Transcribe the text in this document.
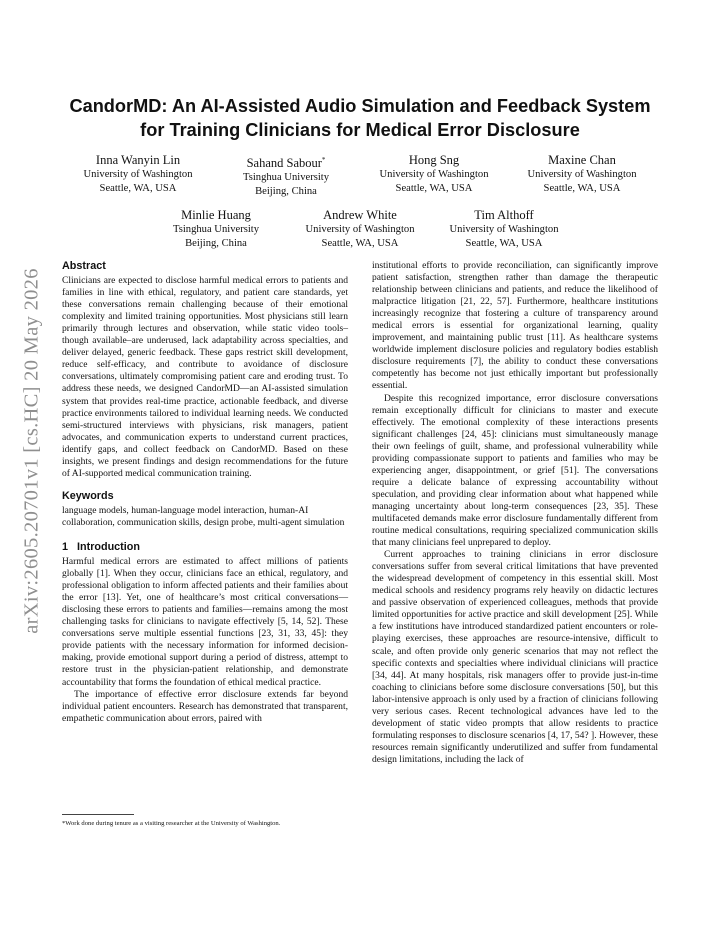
arXiv:2605.20701v1 [cs.HC] 20 May 2026
CandorMD: An AI-Assisted Audio Simulation and Feedback System for Training Clinicians for Medical Error Disclosure
Inna Wanyin Lin
University of Washington
Seattle, WA, USA
Sahand Sabour*
Tsinghua University
Beijing, China
Hong Sng
University of Washington
Seattle, WA, USA
Maxine Chan
University of Washington
Seattle, WA, USA
Minlie Huang
Tsinghua University
Beijing, China
Andrew White
University of Washington
Seattle, WA, USA
Tim Althoff
University of Washington
Seattle, WA, USA
Abstract

Clinicians are expected to disclose harmful medical errors to patients and families in line with ethical, regulatory, and patient care standards, yet these conversations remain challenging because of their emotional complexity and limited training opportunities. Most physicians still learn primarily through lectures and observation, while static video tools–though available–are underused, lack adaptability across specialties, and deliver delayed, generic feedback. These gaps restrict skill development, reduce self-efficacy, and contribute to avoidance of disclosure conversations, ultimately compromising patient care and eroding trust. To address these needs, we designed CandorMD—an AI-assisted simulation system that provides real-time practice, actionable feedback, and diverse practice environments tailored to individual learning needs. We conducted semi-structured interviews with physicians, risk managers, patient advocates, and communication experts to understand current practices, identify gaps, and collect feedback on CandorMD. Based on these insights, we present findings and design recommendations for the future of AI-supported medical communication training.

Keywords

language models, human-language model interaction, human-AI collaboration, communication skills, design probe, multi-agent simulation

1   Introduction

Harmful medical errors are estimated to affect millions of patients globally [1]. When they occur, clinicians face an ethical, regulatory, and professional obligation to inform affected patients and their families about the error [13]. Yet, one of healthcare’s most critical conversations—disclosing these errors to patients and families—remains among the most challenging tasks for clinicians to navigate effectively [5, 14, 52]. These conversations serve multiple essential functions [23, 31, 33, 45]: they provide patients with the necessary information for informed decision-making, provide emotional support during a period of distress, attempt to restore trust in the physician-patient relationship, and demonstrate accountability that forms the foundation of ethical medical practice.

The importance of effective error disclosure extends far beyond individual patient encounters. Research has demonstrated that transparent, empathetic communication about errors, paired with

institutional efforts to provide reconciliation, can significantly improve patient satisfaction, strengthen rather than damage the therapeutic relationship between clinicians and patients, and reduce the likelihood of malpractice litigation [21, 22, 57]. Furthermore, healthcare institutions increasingly recognize that fostering a culture of transparency around medical errors is essential for organizational learning, quality improvement, and maintaining public trust [11]. As healthcare systems worldwide implement disclosure policies and regulatory bodies establish disclosure requirements [7], the ability to conduct these conversations competently has become not just ethically important but professionally essential.

Despite this recognized importance, error disclosure conversations remain exceptionally difficult for clinicians to master and execute effectively. The emotional complexity of these interactions presents significant challenges [24, 45]: clinicians must simultaneously manage their own feelings of guilt, shame, and professional vulnerability while providing compassionate support to patients and families who may be experiencing anger, disappointment, or grief [51]. The conversations require a delicate balance of expressing accountability without speculation, and providing clear information about what happened while managing uncertainty about long-term consequences [23, 35]. These multifaceted demands make error disclosure fundamentally different from routine medical consultations, requiring specialized communication skills that many clinicians feel unprepared to deploy.

Current approaches to training clinicians in error disclosure conversations suffer from several critical limitations that have prevented the widespread development of competency in this essential skill. Most medical schools and residency programs rely heavily on didactic lectures and passive observation of experienced colleagues, methods that provide limited opportunities for active practice and skill development [25]. While a few institutions have introduced standardized patient encounters or role-playing exercises, these approaches are resource-intensive, difficult to scale, and often provide only generic scenarios that may not reflect the specific contexts and specialties where individual clinicians will practice [34, 44]. At many hospitals, risk managers offer to provide just-in-time coaching to clinicians before some disclosure conversations [50], but this labor-intensive approach is only used by a fraction of clinicians following very serious cases. Recent technological advances have led to the development of static video prompts that allow residents to practice formulating responses to disclosure scenarios [4, 17, 54? ]. However, these resources remain significantly underutilized and suffer from fundamental design limitations, including the lack of

*Work done during tenure as a visiting researcher at the University of Washington.
